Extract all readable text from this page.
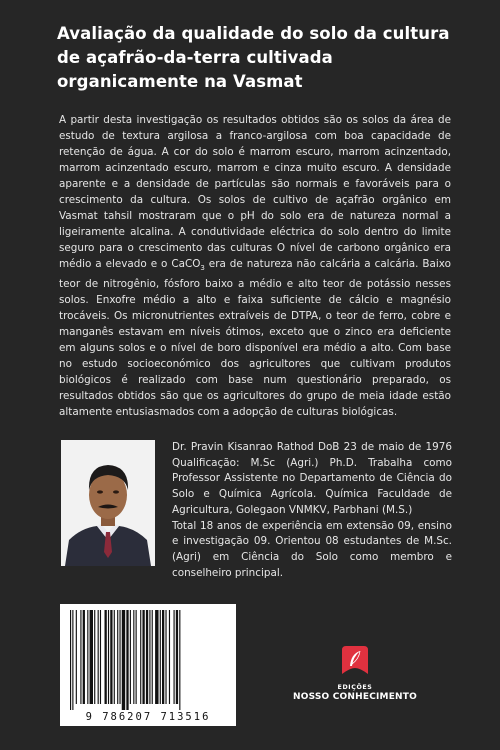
Avaliação da qualidade do solo da cultura de açafrão-da-terra cultivada organicamente na Vasmat

A partir desta investigação os resultados obtidos são os solos da área de estudo de textura argilosa a franco-argilosa com boa capacidade de retenção de água. A cor do solo é marrom escuro, marrom acinzentado, marrom acinzentado escuro, marrom e cinza muito escuro. A densidade aparente e a densidade de partículas são normais e favoráveis para o crescimento da cultura. Os solos de cultivo de açafrão orgânico em Vasmat tahsil mostraram que o pH do solo era de natureza normal a ligeiramente alcalina. A condutividade eléctrica do solo dentro do limite seguro para o crescimento das culturas O nível de carbono orgânico era médio a elevado e o CaCO$_3$ era de natureza não calcária a calcária. Baixo teor de nitrogênio, fósforo baixo a médio e alto teor de potássio nesses solos. Enxofre médio a alto e faixa suficiente de cálcio e magnésio trocáveis. Os micronutrientes extraíveis de DTPA, o teor de ferro, cobre e manganês estavam em níveis ótimos, exceto que o zinco era deficiente em alguns solos e o nível de boro disponível era médio a alto. Com base no estudo socioeconómico dos agricultores que cultivam produtos biológicos é realizado com base num questionário preparado, os resultados obtidos são que os agricultores do grupo de meia idade estão altamente entusiasmados com a adopção de culturas biológicas.

Dr. Pravin Kisanrao Rathod DoB 23 de maio de 1976 Qualificação: M.Sc (Agri.) Ph.D. Trabalha como Professor Assistente no Departamento de Ciência do Solo e Química Agrícola. Química Faculdade de Agricultura, Golegaon VNMKV, Parbhani (M.S.)

Total 18 anos de experiência em extensão 09, ensino e investigação 09. Orientou 08 estudantes de M.Sc. (Agri) em Ciência do Solo como membro e conselheiro principal.

9 786207 713516
EDIÇÕES
NOSSO CONHECIMENTO
